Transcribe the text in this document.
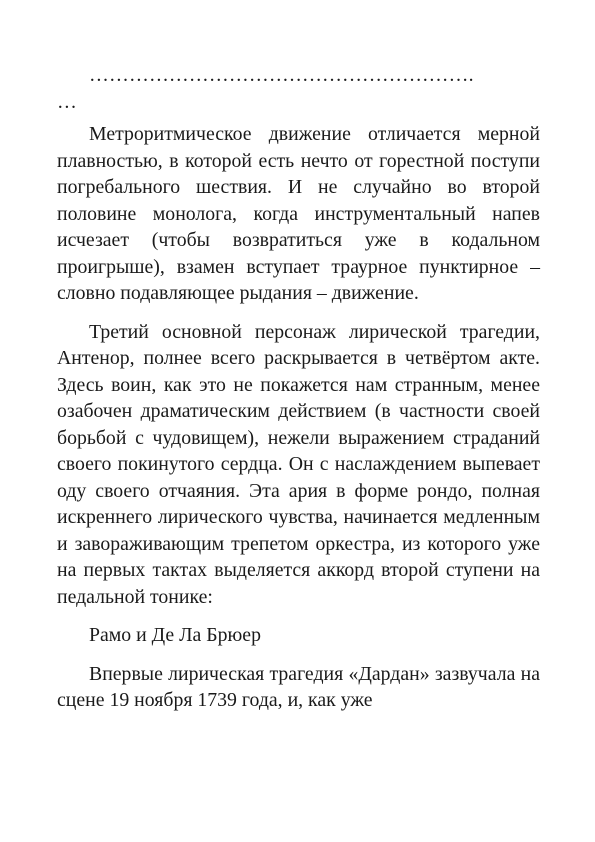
………………………………………………….
…

Метроритмическое движение отличается мерной плавностью, в которой есть нечто от горестной поступи погребального шествия. И не случайно во второй половине монолога, когда инструментальный напев исчезает (чтобы возвратиться уже в кодальном проигрыше), взамен вступает траурное пунктирное – словно подавляющее рыдания – движение.

Третий основной персонаж лирической трагедии, Антенор, полнее всего раскрывается в четвёртом акте. Здесь воин, как это не покажется нам странным, менее озабочен драматическим действием (в частности своей борьбой с чудовищем), нежели выражением страданий своего покинутого сердца. Он с наслаждением выпевает оду своего отчаяния. Эта ария в форме рондо, полная искреннего лирического чувства, начинается медленным и завораживающим трепетом оркестра, из которого уже на первых тактах выделяется аккорд второй ступени на педальной тонике:

Рамо и Де Ла Брюер

Впервые лирическая трагедия «Дардан» зазвучала на сцене 19 ноября 1739 года, и, как уже
